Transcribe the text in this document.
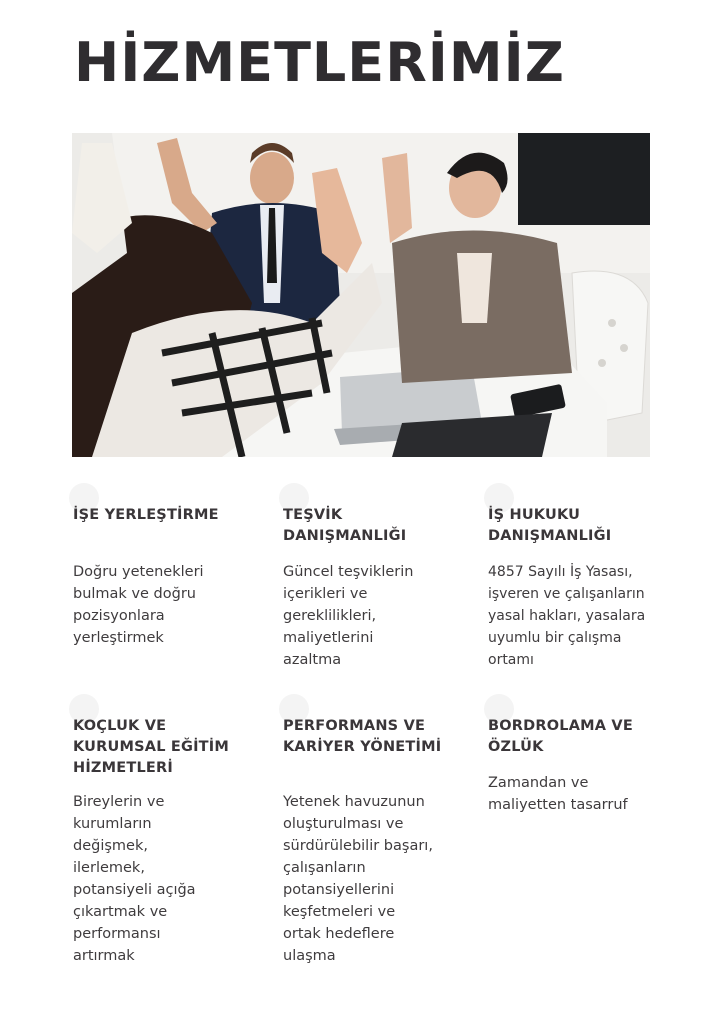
HİZMETLERİMİZ
İŞE YERLEŞTİRME

Doğru yetenekleri
bulmak ve doğru
pozisyonlara
yerleştirmek

TEŞVİK
DANIŞMANLIĞI

Güncel teşviklerin
içerikleri ve
gereklilikleri,
maliyetlerini
azaltma

İŞ HUKUKU
DANIŞMANLIĞI

4857 Sayılı İş Yasası,
işveren ve çalışanların
yasal hakları, yasalara
uyumlu bir çalışma
ortamı

KOÇLUK VE
KURUMSAL EĞİTİM
HİZMETLERİ

Bireylerin ve
kurumların
değişmek,
ilerlemek,
potansiyeli açığa
çıkartmak ve
performansı
artırmak

PERFORMANS VE
KARİYER YÖNETİMİ

Yetenek havuzunun
oluşturulması ve
sürdürülebilir başarı,
çalışanların
potansiyellerini
keşfetmeleri ve
ortak hedeflere
ulaşma

BORDROLAMA VE
ÖZLÜK

Zamandan ve
maliyetten tasarruf
